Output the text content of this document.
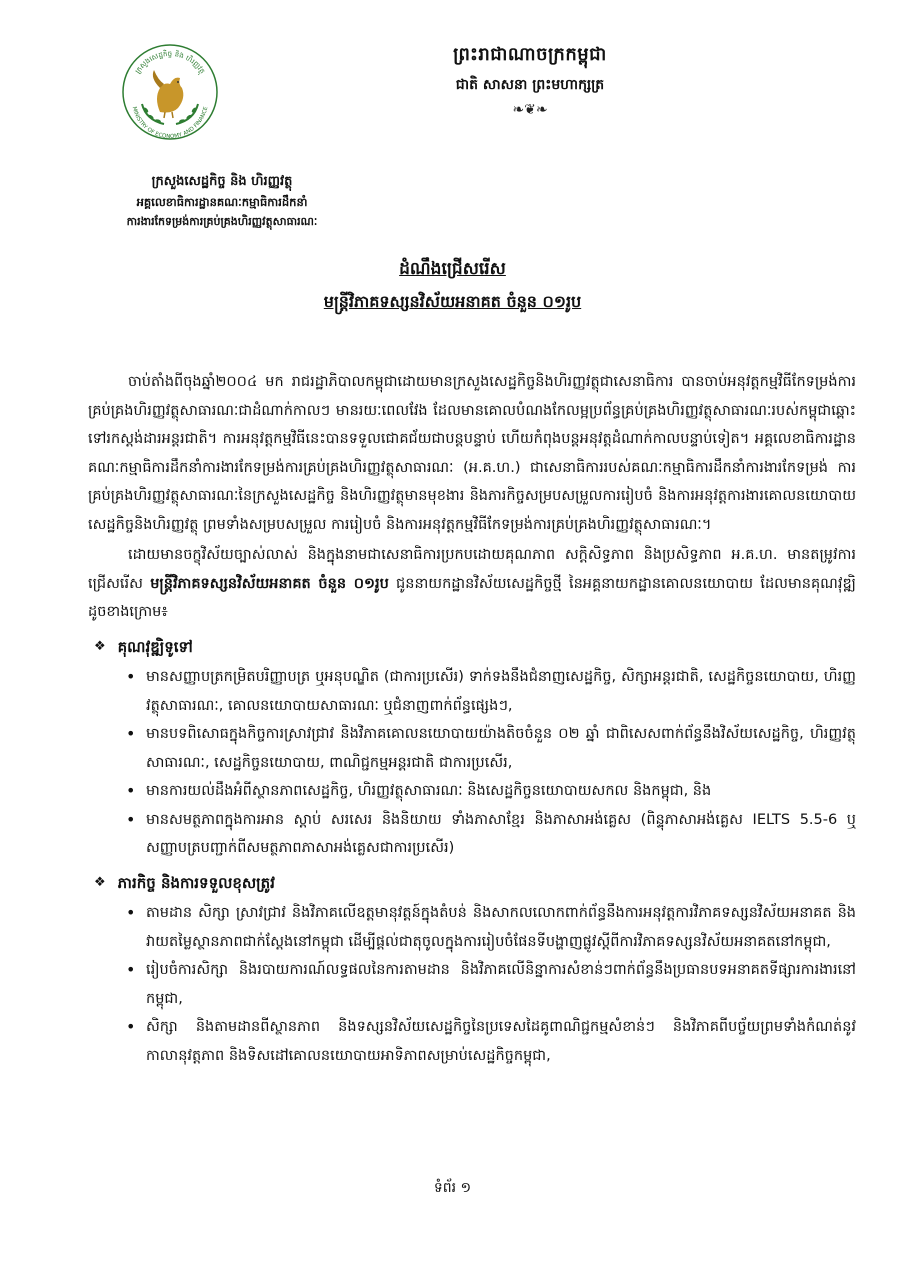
ក្រសួងសេដ្ឋកិច្ច និង ហិរញ្ញវត្ថុ
MINISTRY OF ECONOMY AND FINANCE
ព្រះរាជាណាចក្រកម្ពុជា
ជាតិ សាសនា ព្រះមហាក្សត្រ
❧❦❧
ក្រសួងសេដ្ឋកិច្ច និង ហិរញ្ញវត្ថុ
អគ្គលេខាធិការដ្ឋានគណៈកម្មាធិការដឹកនាំ
ការងារកែទម្រង់ការគ្រប់គ្រងហិរញ្ញវត្ថុសាធារណៈ
ដំណឹងជ្រើសរើស
មន្ត្រីវិភាគទស្សនវិស័យអនាគត ចំនួន ០១រូប

ចាប់តាំងពីចុងឆ្នាំ២០០៤ មក រាជរដ្ឋាភិបាលកម្ពុជាដោយមានក្រសួងសេដ្ឋកិច្ចនិងហិរញ្ញវត្ថុជាសេនាធិការ បានចាប់អនុវត្តកម្មវិធីកែទម្រង់ការគ្រប់គ្រងហិរញ្ញវត្ថុសាធារណៈជាដំណាក់កាលៗ មានរយៈពេលវែង ដែលមានគោលបំណងកែលម្អប្រព័ន្ធគ្រប់គ្រងហិរញ្ញវត្ថុសាធារណៈរបស់កម្ពុជាឆ្ពោះទៅរកស្តង់ដារអន្តរជាតិ។ ការអនុវត្តកម្មវិធីនេះបានទទួលជោគជ័យជាបន្តបន្ទាប់ ហើយកំពុងបន្តអនុវត្តដំណាក់កាលបន្ទាប់ទៀត។ អគ្គលេខាធិការដ្ឋានគណៈកម្មាធិការដឹកនាំការងារកែទម្រង់ការគ្រប់គ្រងហិរញ្ញវត្ថុសាធារណៈ (អ.គ.ហ.) ជាសេនាធិការរបស់គណៈកម្មាធិការដឹកនាំការងារកែទម្រង់ ការគ្រប់គ្រងហិរញ្ញវត្ថុសាធារណៈនៃក្រសួងសេដ្ឋកិច្ច និងហិរញ្ញវត្ថុមានមុខងារ និងភារកិច្ចសម្របសម្រួលការរៀបចំ និងការអនុវត្តការងារគោលនយោបាយសេដ្ឋកិច្ចនិងហិរញ្ញវត្ថុ ព្រមទាំងសម្របសម្រួល ការរៀបចំ និងការអនុវត្តកម្មវិធីកែទម្រង់ការគ្រប់គ្រងហិរញ្ញវត្ថុសាធារណៈ។

ដោយមានចក្ខុវិស័យច្បាស់លាស់ និងក្នុងនាមជាសេនាធិការប្រកបដោយគុណភាព សក្តិសិទ្ធភាព និងប្រសិទ្ធភាព អ.គ.ហ. មានតម្រូវការជ្រើសរើស មន្ត្រីវិភាគទស្សនវិស័យអនាគត ចំនួន ០១រូប ជូននាយកដ្ឋានវិស័យសេដ្ឋកិច្ចថ្មី នៃអគ្គនាយកដ្ឋានគោលនយោបាយ ដែលមានគុណវុឌ្ឍិដូចខាងក្រោម៖

❖ គុណវុឌ្ឍិទូទៅ
• មានសញ្ញាបត្រកម្រិតបរិញ្ញាបត្រ ឬអនុបណ្ឌិត (ជាការប្រសើរ) ទាក់ទងនឹងជំនាញសេដ្ឋកិច្ច, សិក្សាអន្តរជាតិ, សេដ្ឋកិច្ចនយោបាយ, ហិរញ្ញវត្ថុសាធារណៈ, គោលនយោបាយសាធារណៈ ឬជំនាញពាក់ព័ន្ធផ្សេងៗ,
• មានបទពិសោធក្នុងកិច្ចការស្រាវជ្រាវ និងវិភាគគោលនយោបាយយ៉ាងតិចចំនួន ០២ ឆ្នាំ ជាពិសេសពាក់ព័ន្ធនឹងវិស័យសេដ្ឋកិច្ច, ហិរញ្ញវត្ថុសាធារណៈ, សេដ្ឋកិច្ចនយោបាយ, ពាណិជ្ជកម្មអន្តរជាតិ ជាការប្រសើរ,
• មានការយល់ដឹងអំពីស្ថានភាពសេដ្ឋកិច្ច, ហិរញ្ញវត្ថុសាធារណៈ និងសេដ្ឋកិច្ចនយោបាយសកល និងកម្ពុជា, និង
• មានសមត្ថភាពក្នុងការអាន ស្តាប់ សរសេរ និងនិយាយ ទាំងភាសាខ្មែរ និងភាសាអង់គ្លេស (ពិន្ទុភាសាអង់គ្លេស IELTS 5.5-6 ឬសញ្ញាបត្របញ្ជាក់ពីសមត្ថភាពភាសាអង់គ្លេសជាការប្រសើរ)
❖ ភារកិច្ច និងការទទួលខុសត្រូវ
• តាមដាន សិក្សា ស្រាវជ្រាវ និងវិភាគលើឧត្តមានុវត្តន៍ក្នុងតំបន់ និងសាកលលោកពាក់ព័ន្ធនឹងការអនុវត្តការវិភាគទស្សនវិស័យអនាគត និងវាយតម្លៃស្ថានភាពជាក់ស្តែងនៅកម្ពុជា ដើម្បីផ្តល់ជាតុចូលក្នុងការរៀបចំផែនទីបង្ហាញផ្លូវស្តីពីការវិភាគទស្សនវិស័យអនាគតនៅកម្ពុជា,
• រៀបចំការសិក្សា និងរបាយការណ៍លទ្ធផលនៃការតាមដាន និងវិភាគលើនិន្នាការសំខាន់ៗពាក់ព័ន្ធនឹងប្រធានបទអនាគតទីផ្សារការងារនៅកម្ពុជា,
• សិក្សា និងតាមដានពីស្ថានភាព និងទស្សនវិស័យសេដ្ឋកិច្ចនៃប្រទេសដៃគូពាណិជ្ជកម្មសំខាន់ៗ និងវិភាគពីបច្ច័យព្រមទាំងកំណត់នូវកាលានុវត្តភាព និងទិសដៅគោលនយោបាយអាទិភាពសម្រាប់សេដ្ឋកិច្ចកម្ពុជា,
ទំព័រ ១
